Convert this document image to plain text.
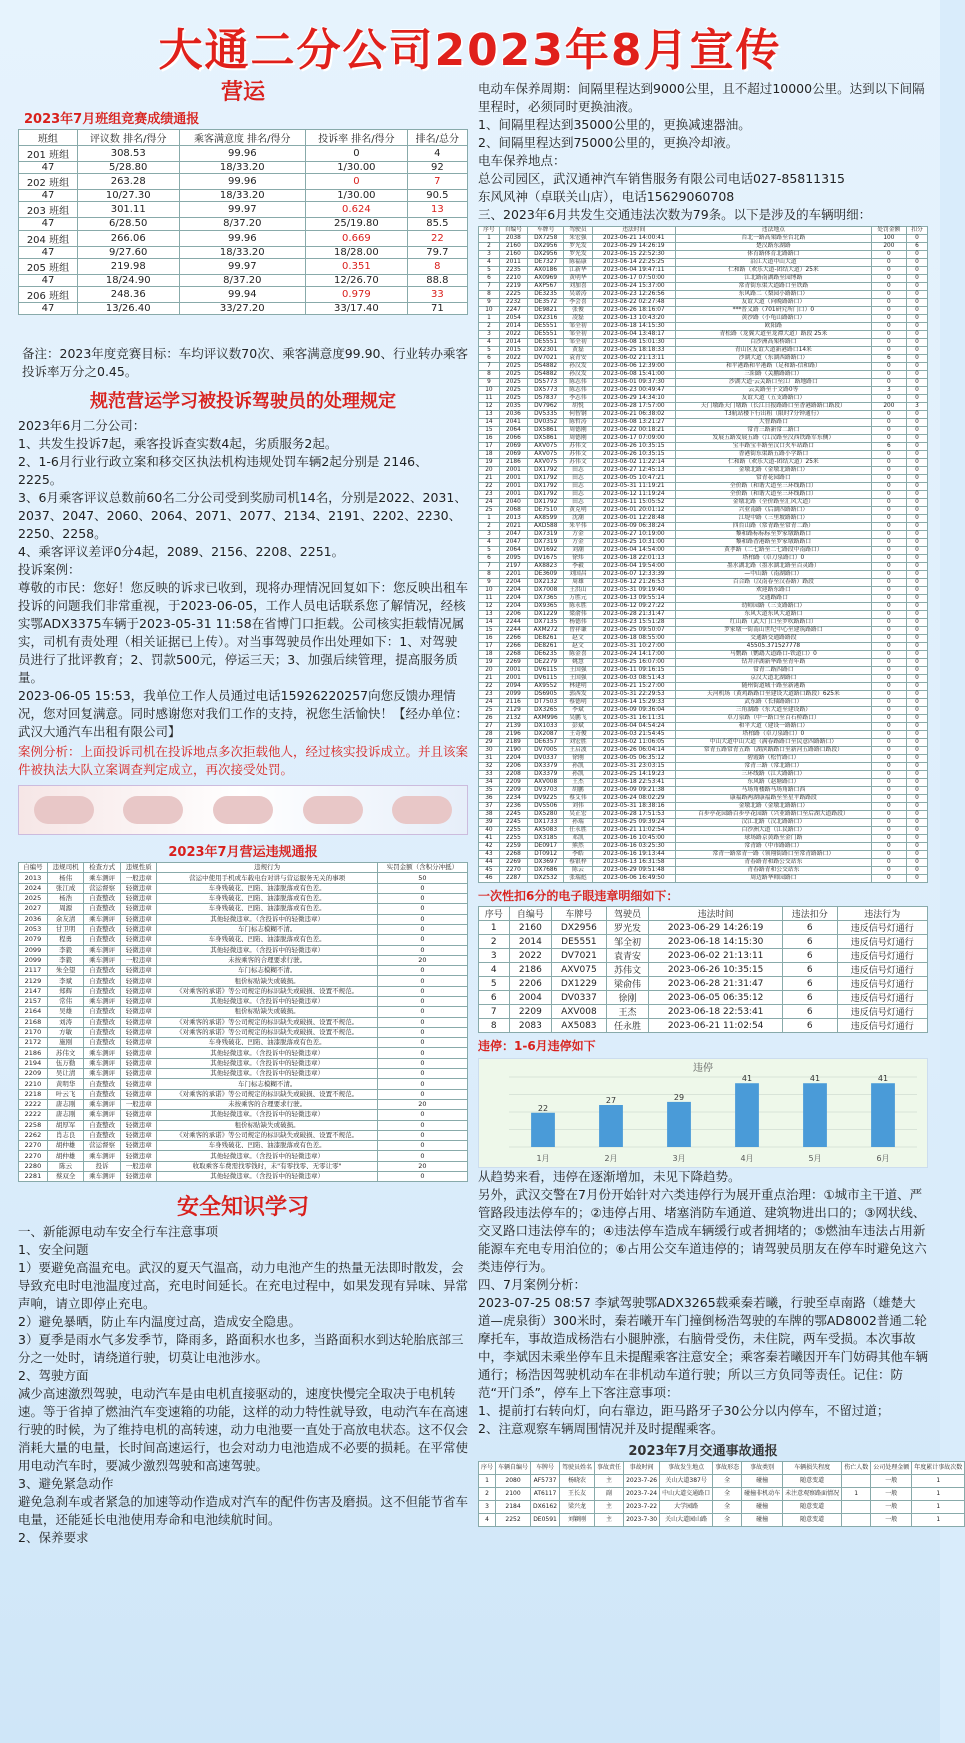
大通二分公司2023年8月宣传
营运
2023年7月班组竞赛成绩通报
班组	评议数 排名/得分	乘客满意度 排名/得分	投诉率 排名/得分	排名/总分
201 班组	308.53	99.96	0	4
47	5/28.80	18/33.20	1/30.00	92
202 班组	263.28	99.96	0	7
47	10/27.30	18/33.20	1/30.00	90.5
203 班组	301.11	99.97	0.624	13
47	6/28.50	8/37.20	25/19.80	85.5
204 班组	266.06	99.96	0.669	22
47	9/27.60	18/33.20	18/28.00	79.7
205 班组	219.98	99.97	0.351	8
47	18/24.90	8/37.20	12/26.70	88.8
206 班组	248.36	99.94	0.979	33
47	13/26.40	33/27.20	33/17.40	71
备注：2023年度竞赛目标：车均评议数70次、乘客满意度99.90、行业转办乘客投诉率万分之0.45。
规范营运学习被投诉驾驶员的处理规定
2023年6月二分公司：
1、共发生投诉7起，乘客投诉查实数4起，劣质服务2起。
2、1-6月行业行政立案和移交区执法机构违规处罚车辆2起分别是 2146、2225。
3、6月乘客评议总数前60名二分公司受到奖励司机14名，分别是2022、2031、2037、2047、2060、2064、2071、2077、2134、2191、2202、2230、2250、2258。
4、乘客评议差评0分4起，2089、2156、2208、2251。
投诉案例：
尊敬的市民：您好！您反映的诉求已收到，现将办理情况回复如下：您反映出租车投诉的问题我们非常重视，于2023-06-05，工作人员电话联系您了解情况，经核实鄂ADX3375车辆于2023-05-31 11:58在省博门口拒载。公司核实拒载情况属实，司机有责处理（相关证据已上传）。对当事驾驶员作出处理如下：1、对驾驶员进行了批评教育；2、罚款500元，停运三天；3、加强后续管理，提高服务质量。
2023-06-05 15:53，我单位工作人员通过电话15926220257向您反馈办理情况，您对回复满意。同时感谢您对我们工作的支持，祝您生活愉快！【经办单位：武汉大通汽车出租有限公司】
案例分析：上面投诉司机在投诉地点多次拒载他人，经过核实投诉成立。并且该案件被执法大队立案调查判定成立，再次接受处罚。
2023年7月营运违规通报
自编号	违规司机	检查方式	违规性质	违规行为	实罚金额（含积分冲抵）
2013	杨伟	乘车测评	一般违章	营运中使用手机或车载电台对讲与营运服务无关的事项	50
2024	张江成	营运督察	轻微违章	车身残破花、凹陷、油漆脱落或有色差。	0
2025	杨浩	自查整改	轻微违章	车身残破花、凹陷、油漆脱落或有色差。	0
2027	周源	自查整改	轻微违章	车身残破花、凹陷、油漆脱落或有色差。	0
2036	余友清	乘车测评	轻微违章	其他轻微违章。（含投诉中的轻微违章）	0
2053	甘卫明	自查整改	轻微违章	车门标志模糊不清。	0
2079	程勇	自查整改	轻微违章	车身残破花、凹陷、油漆脱落或有色差。	0
2099	李毅	乘车测评	轻微违章	其他轻微违章。（含投诉中的轻微违章）	0
2099	李毅	乘车测评	一般违章	未按乘客的合理要求行驶。	20
2117	朱全望	自查整改	轻微违章	车门标志模糊不清。	0
2129	李斌	自查整改	轻微违章	租价标贴缺失或破损。	0
2147	郑辉	自查整改	轻微违章	《对乘客的承诺》等公司规定的标识缺失或破损、设置不规范。	0
2157	常伟	乘车测评	轻微违章	其他轻微违章。（含投诉中的轻微违章）	0
2164	吴雄	自查整改	轻微违章	租价标贴缺失或破损。	0
2168	刘涛	自查整改	轻微违章	《对乘客的承诺》等公司规定的标识缺失或破损、设置不规范。	0
2170	方敏	自查整改	轻微违章	《对乘客的承诺》等公司规定的标识缺失或破损、设置不规范。	0
2172	施刚	自查整改	轻微违章	车身残破花、凹陷、油漆脱落或有色差。	0
2186	苏伟文	乘车测评	轻微违章	其他轻微违章。（含投诉中的轻微违章）	0
2194	伍万勤	乘车测评	轻微违章	其他轻微违章。（含投诉中的轻微违章）	0
2209	吴让清	乘车测评	轻微违章	其他轻微违章。（含投诉中的轻微违章）	0
2210	黄明华	自查整改	轻微违章	车门标志模糊不清。	0
2218	叶云飞	自查整改	轻微违章	《对乘客的承诺》等公司规定的标识缺失或破损、设置不规范。	0
2222	唐志刚	乘车测评	一般违章	未按乘客的合理要求行驶。	20
2222	唐志刚	乘车测评	轻微违章	其他轻微违章。（含投诉中的轻微违章）	0
2258	胡厚军	自查整改	轻微违章	租价标贴缺失或破损。	0
2262	肖志良	自查整改	轻微违章	《对乘客的承诺》等公司规定的标识缺失或破损、设置不规范。	0
2270	胡仲雄	营运督察	轻微违章	车身残破花、凹陷、油漆脱落或有色差。	0
2270	胡仲雄	乘车测评	轻微违章	其他轻微违章。（含投诉中的轻微违章）	0
2280	陈云	投诉	一般违章	收取乘客车费需找零钱时，未"有零找零、无零让零"	20
2281	蔡双全	乘车测评	轻微违章	其他轻微违章。（含投诉中的轻微违章）	0
安全知识学习
一、新能源电动车安全行车注意事项
1、安全问题
1）要避免高温充电。武汉的夏天气温高，动力电池产生的热量无法即时散发，会导致充电时电池温度过高，充电时间延长。在充电过程中，如果发现有异味、异常声响，请立即停止充电。
2）避免暴晒，防止车内温度过高，造成安全隐患。
3）夏季是雨水气多发季节，降雨多，路面积水也多，当路面积水到达轮胎底部三分之一处时，请绕道行驶，切莫让电池涉水。
2、驾驶方面
减少高速激烈驾驶，电动汽车是由电机直接驱动的，速度快慢完全取决于电机转速。等于省掉了燃油汽车变速箱的功能，这样的动力特性就导致，电动汽车在高速行驶的时候，为了维持电机的高转速，动力电池要一直处于高放电状态。这不仅会消耗大量的电量，长时间高速运行，也会对动力电池造成不必要的损耗。在平常使用电动汽车时，要减少激烈驾驶和高速驾驶。
3、避免紧急动作
避免急刹车或者紧急的加速等动作造成对汽车的配件伤害及磨损。这不但能节省车电量，还能延长电池使用寿命和电池续航时间。
2、保养要求
电动车保养周期：间隔里程达到9000公里，且不超过10000公里。达到以下间隔里程时，必须同时更换油液。
1、间隔里程达到35000公里的，更换减速器油。
2、间隔里程达到75000公里的，更换冷却液。
电车保养地点：
总公司园区，武汉通神汽车销售服务有限公司电话027-85811315
东风风神（卓联关山店），电话15629060708
三、2023年6月共发生交通违法次数为79条。以下是涉及的车辆明细：
序号	自编号	车牌号	驾驶员	违法时间	违法地点	处罚金额	扣分
1	2038	DX7258	朱宏强	2023-06-21 14:00:41	台北一路高架路至台北路	100	0
2	2160	DX2956	罗光发	2023-06-29 14:26:19	楚汉路东湖路	200	6
3	2160	DX2956	罗光发	2023-06-15 22:52:30	体育路体育北路路口	0	0
4	2011	DE7327	陈福康	2023-06-14 22:25:25	沿江大道中山大道	0	0
5	2235	AX0186	江新华	2023-06-04 19:47:11	仁和路（欢乐大道-团结大道）25米	0	0
6	2210	AX0969	黄明华	2023-06-17 07:50:00	江北路南湖路至园博路	0	0
7	2219	AXP567	刘加喜	2023-06-24 15:37:00	常青街东渠大道路口至铁路	0	0
8	2225	DE3235	吴诺涛	2023-06-23 12:26:56	东风路二（梨园小路路口）	0	0
9	2232	DE3572	李会喜	2023-06-22 02:27:48	友谊大道（向晚路路口）	0	0
10	2247	DE9821	张俊	2023-06-26 18:16:07	***普义路（701研究所门口）0	0	0
1	2054	DX2316	凌磊	2023-06-13 10:43:20	黄沙路（小龟山路路口）	0	0
2	2014	DE5551	邹全初	2023-06-18 14:15:30	欧阳路	0	0
3	2022	DE5551	邹全初	2023-06-04 13:48:17	青松路（龙翼大道至龙潭大道）路段 25米	0	0
4	2014	DE5551	邹全初	2023-06-08 15:01:30	白沙洲高架桥路口	0	0
5	2015	DX2301	黄磊	2023-06-25 18:18:33	青山区友谊大道新港路口14米	0	0
6	2022	DV7021	袁青安	2023-06-02 21:13:11	沙湖大道（东湖西路路口）	6	0
7	2025	DS4882	孙汉发	2023-06-06 12:39:00	和平港路和平港路（足和路-信和路）	0	0
8	2025	DS4882	孙汉发	2023-06-08 15:41:00	三阳路（关鹏路路口）	0	0
9	2025	DS5773	陈志伟	2023-06-01 09:37:30	沙湖大道·云关路口至江厂路地路口	0	0
10	2025	DX5773	陈志伟	2023-06-23 00:49:47	云关路至于文路0等	3	0
11	2025	DS7837	李志伟	2023-06-29 14:34:10	友谊大道（五支路路口）	0	0
12	2035	DV7962	胡悦	2023-06-28 17:57:00	天门墩路天门墩路（长江日报路路口至香港路路口路段）	200	3
13	2036	DV5335	何智钢	2023-06-21 06:38:02	T3航站楼下行出租（限时7分钟通行）	0	0
14	2041	DV0352	陈哲涛	2023-06-08 13:21:27	大智路路口	0	0
15	2064	DX5861	周德刚	2023-06-22 00:18:21	常青三路新常二路口	0	0
16	2066	DX5861	周德刚	2023-06-17 07:09:00	发展五路发展五路（江汉路至汉西铁路军东侧）	0	0
17	2069	AXV075	苏伟文	2023-06-26 10:35:15	宝丰路宝丰路至汉口火车站路口	6	0
18	2069	AXV075	苏伟文	2023-06-26 10:35:15	香港街东渠路五路小学路口	0	0
19	2186	AXV075	苏伟文	2023-06-02 11:22:14	仁和路（欢乐大道-团结大道）25米	0	0
20	2001	DX1792	田志	2023-06-27 12:45:13	金墩北路（金墩北路路口）	0	0
21	2001	DX1792	田志	2023-06-05 10:47:21	常青花园路口	0	0
22	2001	DX1792	田志	2023-05-31 11:19:21	全价路（和谐大道至三环线路口）	0	0
23	2001	DX1792	田志	2023-06-12 11:19:24	全价路（和谐大道至三环线路口）	0	0
24	2040	DX1792	田志	2023-06-11 15:05:52	金墩北路（全价路至汇风大道）	0	0
25	2068	DE7510	黄克明	2023-06-01 20:01:12	兴业南路（后湖四路路口）	0	0
1	2013	AX8599	沈潮	2023-06-01 12:28:48	江堤中路（三里坡路路口）	0	0
2	2021	AXD588	朱平伟	2023-06-09 06:38:24	四台山路（常青路至常青二路）	0	0
3	2047	DX7319	方金	2023-06-27 10:19:00	黎和路标标标至罗家墩路路口	0	0
4	2047	DX7319	方金	2023-06-25 10:31:00	黎和路香港路至罗家墩路路口	0	0
5	2064	DV1692	刘潮	2023-06-04 14:54:00	黄孝路（二七路至二七路段中南路口）	0	0
6	2095	DV1675	徐炜	2023-06-18 22:01:13	塔柏路（卓刀泉路口）0	0	0
7	2197	AX8823	李毅	2023-06-04 19:54:00	墨水湖北路（墨水湖北路至百灵路）	0	0
8	2201	DE3609	刘国昌	2023-06-07 12:33:39	—中山路（南湖路口）	0	0
9	2204	DX2132	周雄	2023-06-12 21:26:53	百合路（汉南春至汉春路）路段	0	0
10	2204	DX7008	王洪山	2023-05-31 09:19:40	欢迎路东路口	0	0
11	2204	DX7365	万胜元	2023-06-13 09:55:14	交通路路口	0	0
12	2204	DX9365	陈永胜	2023-06-12 09:27:22	幼师园路（三支路路口）	0	0
13	2206	DX1229	梁俞伟	2023-06-28 21:31:47	东风大道东风大道路口	0	0
14	2244	DX7135	杨德伟	2023-06-23 15:51:28	红山路（武大门口至罗吹路路口）	0	0
15	2244	AXM272	曾祥谦	2023-06-25 09:50:07	罗家墩一街南山世纪中心至建筑路路口	0	0
16	2266	DE8261	赵文	2023-06-18 08:55:00	交通路交通路路段	0	0
17	2266	DE8261	赵文	2023-05-31 10:27:00	45505.371527778	0	0
18	2268	DE6235	陈金喜	2023-06-24 14:17:00	马鹦路（鹦鹉大道路口-铁道口）0	0	0
19	2269	DE2279	姚慧	2023-06-25 16:07:00	钻井洋湖新华路至青年路	0	0
20	2001	DV6115	王国强	2023-06-11 09:16:15	常青二路四路口	0	0
21	2001	DV6115	王国强	2023-06-03 08:51:43	京汉大道北湖路口	0	0
22	2094	AX9552	林建明	2023-06-21 15:27:00	随州街道城十路至新港路	0	0
23	2099	DS6905	郭西发	2023-05-31 22:29:53	天河机场（黄鸡路路口至建设大道路口路段）625米	0	0
24	2116	DT7503	蔡德明	2023-06-14 15:29:33	武东路（长轴路路口）	0	0
25	2129	DX3265	李斌	2023-06-09 09:36:04	三角湖路（东大道至建设路）	0	0
26	2132	AXM996	吴鹏飞	2023-05-31 16:11:31	卓刀泉路（中一路口至百石桥路口）	0	0
27	2139	DX1033	彭斌	2023-06-04 04:54:24	和平大道（建设一路路口）	0	0
28	2196	DX2087	王奇俊	2023-06-03 21:54:45	塔柏路（卓刀泉路口）0	0	0
29	2189	DE6357	刘宏胜	2023-06-02 11:06:05	中山大道中山大道（满春路路口至民意四路路口）	0	0
30	2190	DV7005	王启波	2023-06-26 06:04:14	常青五路常青五路（湖滨路路口至新河五路路口路段）	0	0
31	2204	DV0337	徐刚	2023-06-05 06:35:12	碧霞路（松竹路口）	0	0
32	2206	DX3379	孙凯	2023-05-31 23:03:15	常青三路（常北路口）	0	0
33	2208	DX3379	孙凯	2023-06-25 14:19:23	三环线路（江大路路口）	0	0
34	2209	AXV008	王杰	2023-06-18 22:53:41	东风路（赵塘路口）	0	0
35	2209	DV3703	胡鹏	2023-06-09 09:21:38	马场角楼路马场角路口西	0	0
36	2234	DV9225	蔡艾伟	2023-06-24 08:02:29	康福路两湖康福路至坐星平路路段	0	0
37	2236	DV5506	刘伟	2023-05-31 18:38:16	金墩北路（金墩北路路口）	0	0
38	2245	DX5280	吴正宏	2023-06-28 17:51:53	百步亭花园路百步亭花园路（兴业路路口至后湖大道路段）	0	0
39	2245	DX1733	孙瑞	2023-06-25 09:39:24	汉江北路（汉北路路口）	0	0
40	2255	AX5083	任永胜	2023-06-21 11:02:54	白沙洲大道（江民路口）	0	0
41	2255	DX3185	邓凯	2023-06-16 10:45:00	球场路京黄路至金门路	0	0
42	2259	DE0917	熊然	2023-06-16 03:25:30	常青路（中市路路口）	0	0
43	2268	DT0912	李皓	2023-06-16 19:13:44	常青一路常青一路（领翔街路口至常青路路口）	0	0
44	2269	DX3697	蔡银梓	2023-06-13 16:31:58	青春路青和路公交站东	0	0
45	2270	DX7686	陈云	2023-06-29 09:51:48	青春路青和公交站东	0	0
46	2287	DX2532	张瑞彪	2023-06-06 16:49:50	周边路华师园路口	0	0
一次性扣6分的电子眼违章明细如下：
序号	自编号	车牌号	驾驶员	违法时间	违法扣分	违法行为
1	2160	DX2956	罗光发	2023-06-29 14:26:19	6	违反信号灯通行
2	2014	DE5551	邹全初	2023-06-18 14:15:30	6	违反信号灯通行
3	2022	DV7021	袁青安	2023-06-02 21:13:11	6	违反信号灯通行
4	2186	AXV075	苏伟文	2023-06-26 10:35:15	6	违反信号灯通行
5	2206	DX1229	梁俞伟	2023-06-28 21:31:47	6	违反信号灯通行
6	2004	DV0337	徐刚	2023-06-05 06:35:12	6	违反信号灯通行
7	2209	AXV008	王杰	2023-06-18 22:53:41	6	违反信号灯通行
8	2083	AX5083	任永胜	2023-06-21 11:02:54	6	违反信号灯通行
违停：1-6月违停如下
违停
22
1月
27
2月
29
3月
41
4月
41
5月
41
6月
从趋势来看，违停在逐渐增加，未见下降趋势。
另外，武汉交警在7月份开始针对六类违停行为展开重点治理：①城市主干道、严管路段违法停车的；②违停占用、堵塞消防车通道、建筑物进出口的；③网状线、交叉路口违法停车的；④违法停车造成车辆缓行或者拥堵的；⑤燃油车违法占用新能源车充电专用泊位的；⑥占用公交车道违停的；请驾驶员朋友在停车时避免这六类违停行为。
四、7月案例分析：
2023-07-25 08:57 李斌驾驶鄂ADX3265载乘秦若曦，行驶至卓南路（雄楚大道—虎泉街）300米时，秦若曦开车门撞倒杨浩驾驶的车牌的鄂AD8002普通二轮摩托车，事故造成杨浩右小腿肿涨，右脑骨受伤，未住院，两车受损。本次事故中，李斌因未乘坐停车且未提醒乘客注意安全；乘客秦若曦因开车门妨碍其他车辆通行；杨浩因驾驶机动车在非机动车道行驶；所以三方负同等责任。记住：防范“开门杀”，停车上下客注意事项：
1、提前打右转向灯，向右靠边，距马路牙子30公分以内停车，不留过道；
2、注意观察车辆周围情况并及时提醒乘客。
2023年7月交通事故通报
序号	车辆自编号	车牌号	驾驶员姓名	事故责任	事故时间	事故发生地点	事故形态	事故类别	车辆损失程度	伤亡人数	公司处理金额	年度累计事故次数
1	2080	AF5737	杨晓农	主	2023-7-26	关山大道387号	全	碰撞	随意变道		一般	1
2	2100	AT6117	王长友	副	2023-7-24	中山大道交通路口	全	碰撞非机动车	未注意观察路面情况	1	一般	1
3	2184	DX6162	梁兴龙	主	2023-7-22	大学园路	全	碰撞	随意变道		一般	1
4	2252	DE0591	刘颖刚	主	2023-7-30	关山大道园山路	全	碰撞	随意变道		一般	1
